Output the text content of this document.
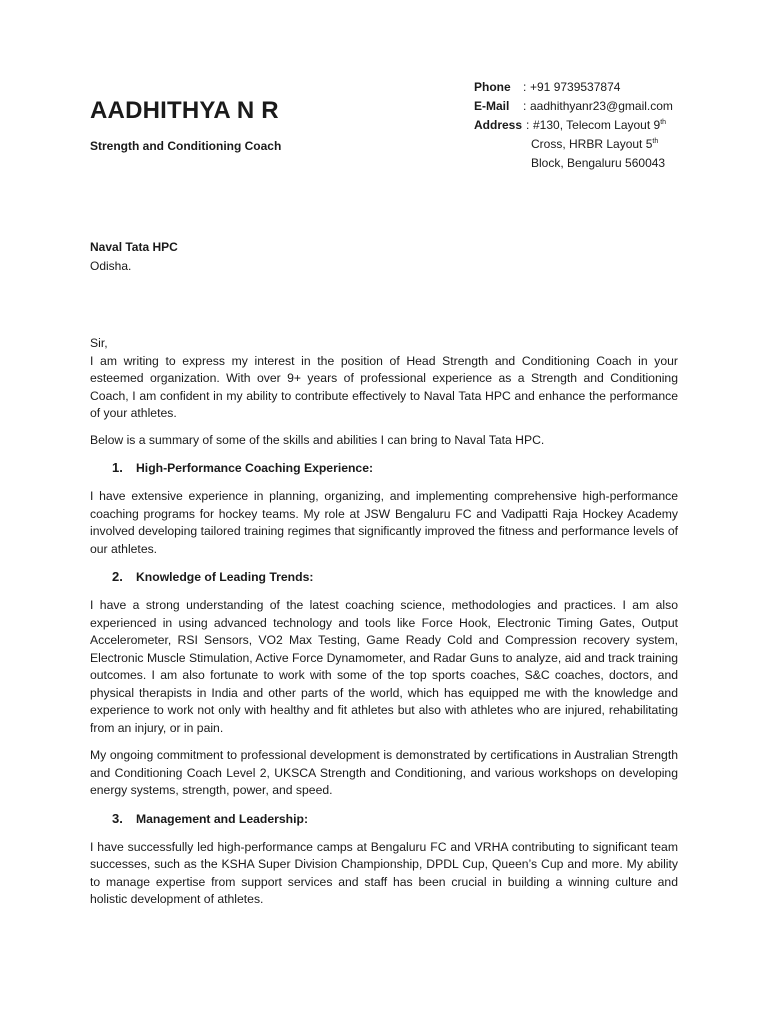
AADHITHYA N R
Strength and Conditioning Coach
Phone : +91 9739537874
E-Mail : aadhithyanr23@gmail.com
Address : #130, Telecom Layout 9th
Cross, HRBR Layout 5th
Block, Bengaluru 560043
Naval Tata HPC
Odisha.

Sir,

I am writing to express my interest in the position of Head Strength and Conditioning Coach in your esteemed organization. With over 9+ years of professional experience as a Strength and Conditioning Coach, I am confident in my ability to contribute effectively to Naval Tata HPC and enhance the performance of your athletes.

Below is a summary of some of the skills and abilities I can bring to Naval Tata HPC.

1. High-Performance Coaching Experience:

I have extensive experience in planning, organizing, and implementing comprehensive high-performance coaching programs for hockey teams. My role at JSW Bengaluru FC and Vadipatti Raja Hockey Academy involved developing tailored training regimes that significantly improved the fitness and performance levels of our athletes.

2. Knowledge of Leading Trends:

I have a strong understanding of the latest coaching science, methodologies and practices. I am also experienced in using advanced technology and tools like Force Hook, Electronic Timing Gates, Output Accelerometer, RSI Sensors, VO2 Max Testing, Game Ready Cold and Compression recovery system, Electronic Muscle Stimulation, Active Force Dynamometer, and Radar Guns to analyze, aid and track training outcomes. I am also fortunate to work with some of the top sports coaches, S&C coaches, doctors, and physical therapists in India and other parts of the world, which has equipped me with the knowledge and experience to work not only with healthy and fit athletes but also with athletes who are injured, rehabilitating from an injury, or in pain.

My ongoing commitment to professional development is demonstrated by certifications in Australian Strength and Conditioning Coach Level 2, UKSCA Strength and Conditioning, and various workshops on developing energy systems, strength, power, and speed.

3. Management and Leadership:

I have successfully led high-performance camps at Bengaluru FC and VRHA contributing to significant team successes, such as the KSHA Super Division Championship, DPDL Cup, Queen’s Cup and more. My ability to manage expertise from support services and staff has been crucial in building a winning culture and holistic development of athletes.
